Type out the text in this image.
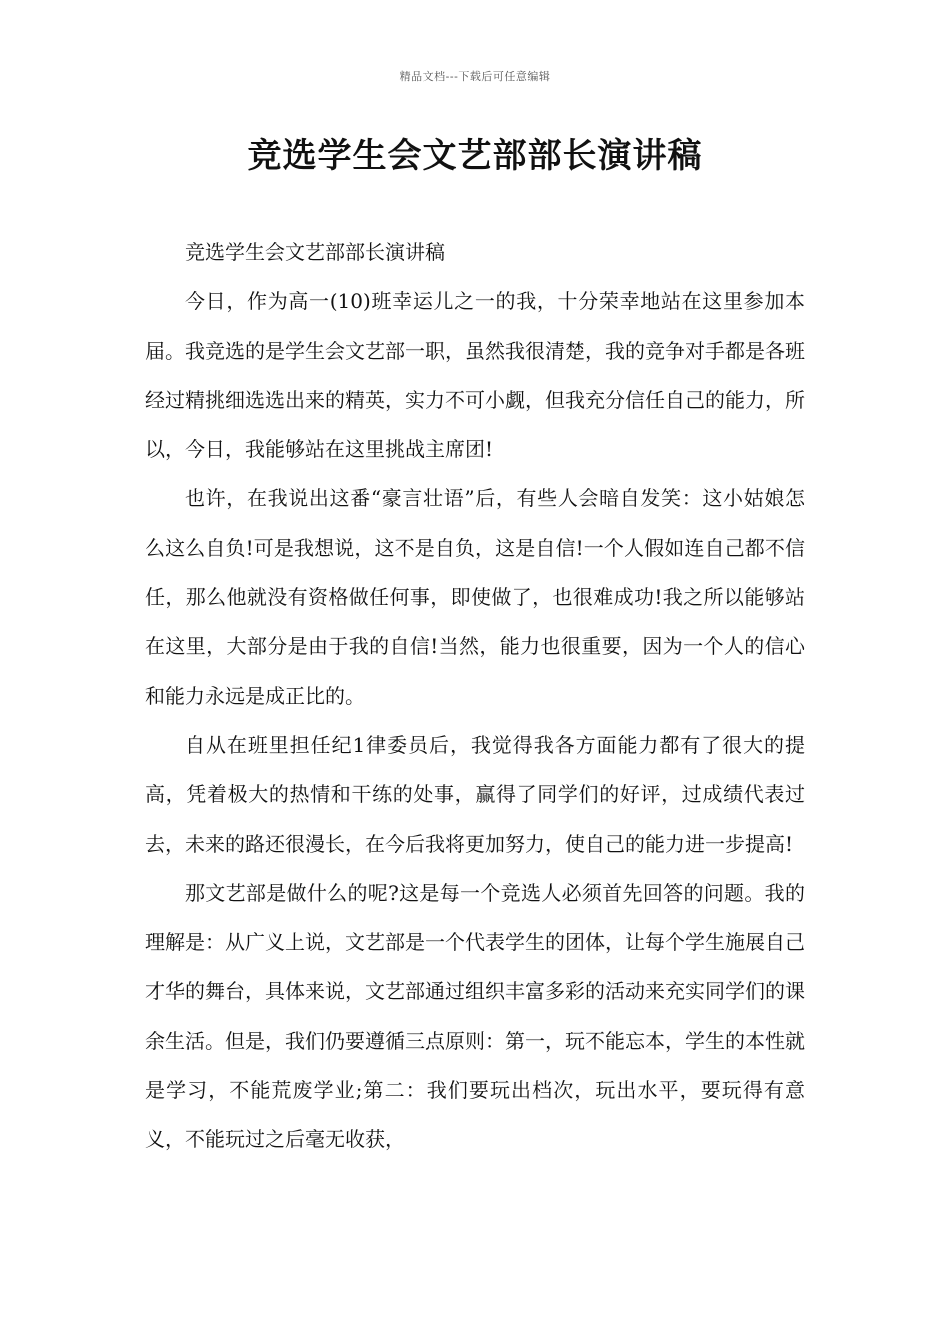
精品文档---下载后可任意编辑
竞选学生会文艺部部长演讲稿

竞选学生会文艺部部长演讲稿

今日，作为高一(10)班幸运儿之一的我，十分荣幸地站在这里参加本届。我竞选的是学生会文艺部一职，虽然我很清楚，我的竞争对手都是各班经过精挑细选选出来的精英，实力不可小觑，但我充分信任自己的能力，所以，今日，我能够站在这里挑战主席团!

也许，在我说出这番“豪言壮语”后，有些人会暗自发笑：这小姑娘怎么这么自负!可是我想说，这不是自负，这是自信!一个人假如连自己都不信任，那么他就没有资格做任何事，即使做了，也很难成功!我之所以能够站在这里，大部分是由于我的自信!当然，能力也很重要，因为一个人的信心和能力永远是成正比的。

自从在班里担任纪1律委员后，我觉得我各方面能力都有了很大的提高，凭着极大的热情和干练的处事，赢得了同学们的好评，过成绩代表过去，未来的路还很漫长，在今后我将更加努力，使自己的能力进一步提高!

那文艺部是做什么的呢?这是每一个竞选人必须首先回答的问题。我的理解是：从广义上说，文艺部是一个代表学生的团体，让每个学生施展自己才华的舞台，具体来说，文艺部通过组织丰富多彩的活动来充实同学们的课余生活。但是，我们仍要遵循三点原则：第一，玩不能忘本，学生的本性就是学习，不能荒废学业;第二：我们要玩出档次，玩出水平，要玩得有意义，不能玩过之后毫无收获，
